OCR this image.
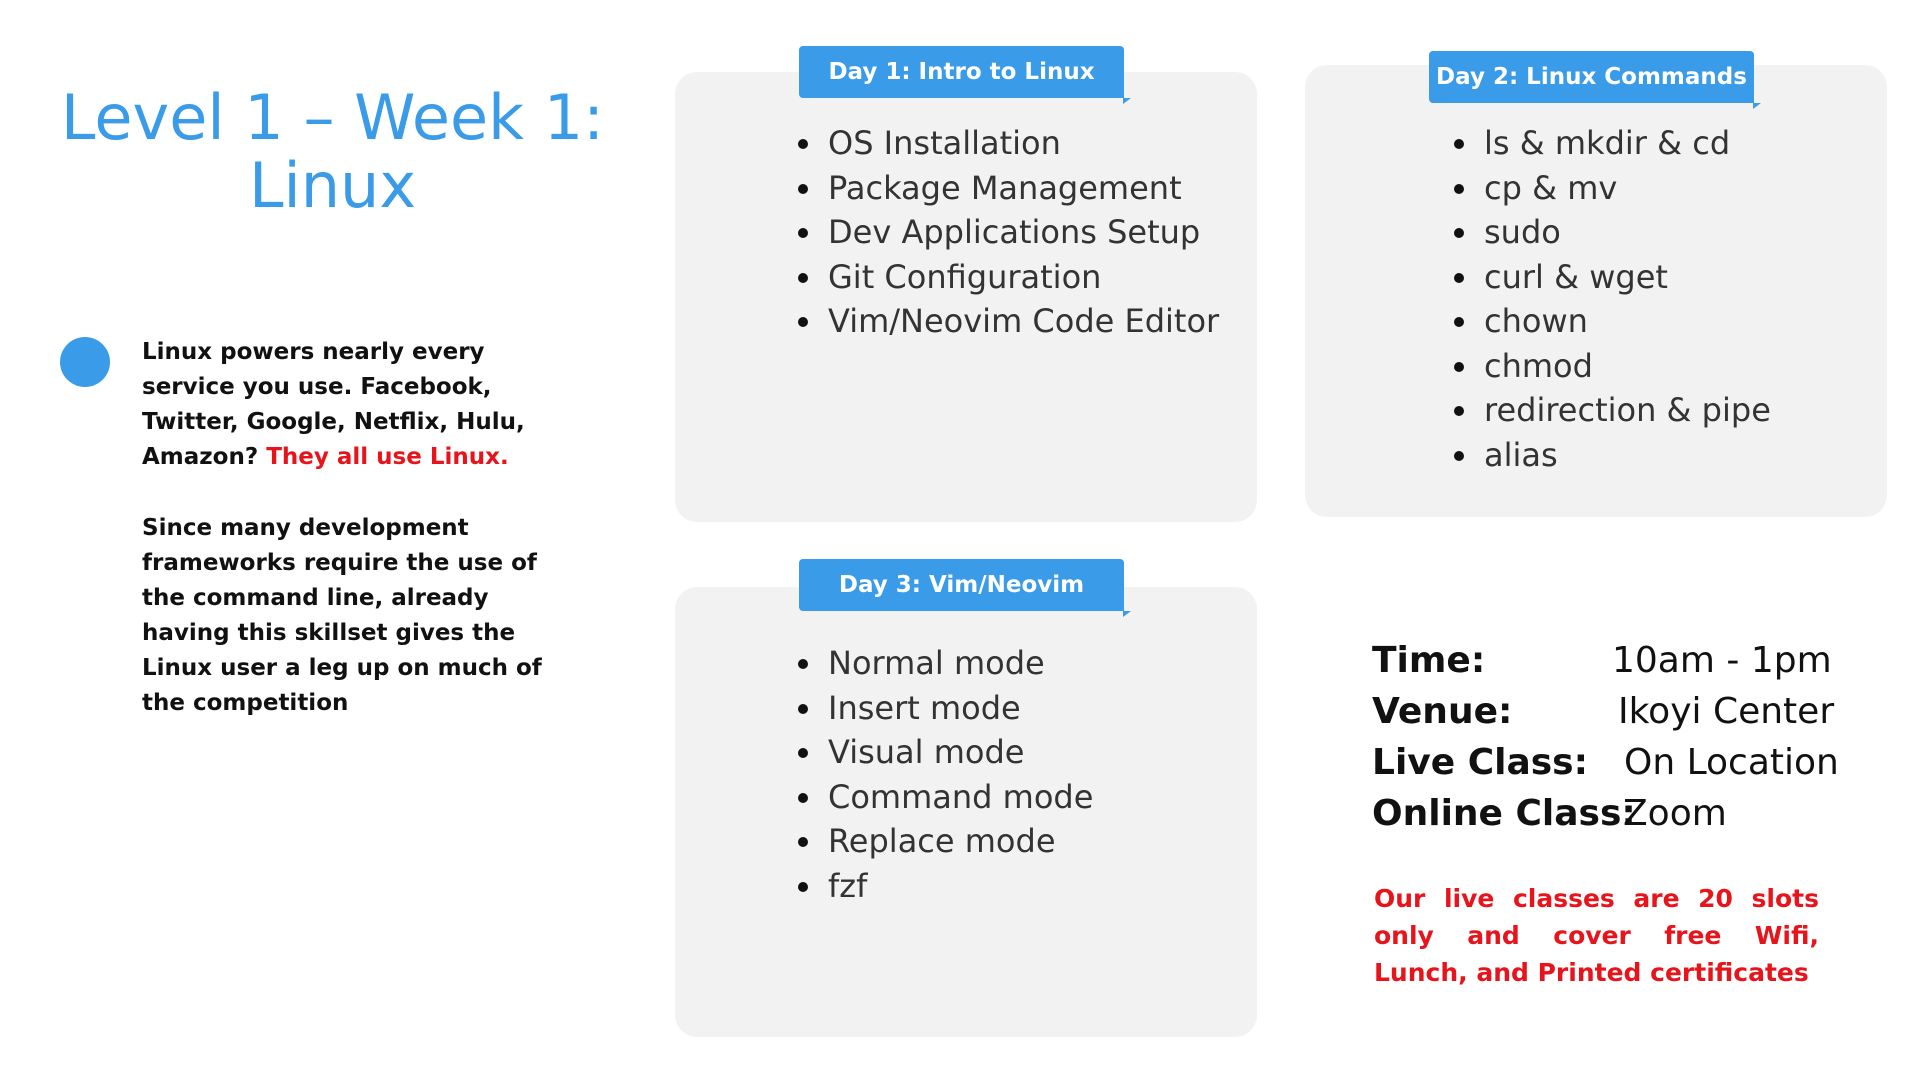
Level 1 – Week 1:
Linux

Linux powers nearly every service you use. Facebook, Twitter, Google, Netflix, Hulu, Amazon? They all use Linux.

Since many development frameworks require the use of the command line, already having this skillset gives the Linux user a leg up on much of the competition

Day 1: Intro to Linux
OS Installation
Package Management
Dev Applications Setup
Git Configuration
Vim/Neovim Code Editor
Day 2: Linux Commands
ls & mkdir & cd
cp & mv
sudo
curl & wget
chown
chmod
redirection & pipe
alias
Day 3: Vim/Neovim
Normal mode
Insert mode
Visual mode
Command mode
Replace mode
fzf
Time:	10am - 1pm
Venue:	Ikoyi Center
Live Class: On Location
Online Class:
Zoom
Our live classes are 20 slots only and cover free Wifi, Lunch, and Printed certificates
